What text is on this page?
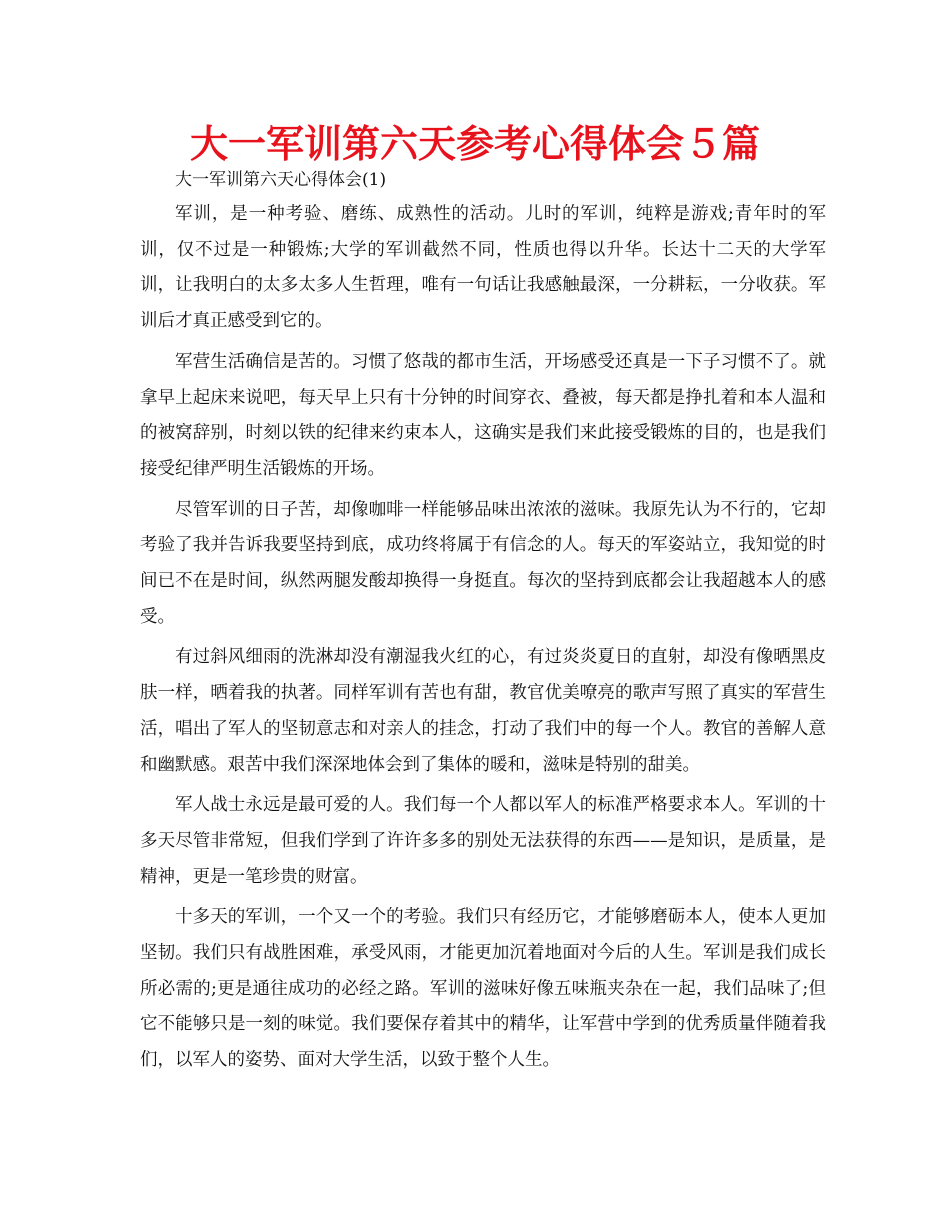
大一军训第六天参考心得体会５篇

大一军训第六天心得体会(1)

军训，是一种考验、磨练、成熟性的活动。儿时的军训，纯粹是游戏;青年时的军训，仅不过是一种锻炼;大学的军训截然不同，性质也得以升华。长达十二天的大学军训，让我明白的太多太多人生哲理，唯有一句话让我感触最深，一分耕耘，一分收获。军训后才真正感受到它的。

军营生活确信是苦的。习惯了悠哉的都市生活，开场感受还真是一下子习惯不了。就拿早上起床来说吧，每天早上只有十分钟的时间穿衣、叠被，每天都是挣扎着和本人温和的被窝辞别，时刻以铁的纪律来约束本人，这确实是我们来此接受锻炼的目的，也是我们接受纪律严明生活锻炼的开场。

尽管军训的日子苦，却像咖啡一样能够品味出浓浓的滋味。我原先认为不行的，它却考验了我并告诉我要坚持到底，成功终将属于有信念的人。每天的军姿站立，我知觉的时间已不在是时间，纵然两腿发酸却换得一身挺直。每次的坚持到底都会让我超越本人的感受。

有过斜风细雨的洗淋却没有潮湿我火红的心，有过炎炎夏日的直射，却没有像晒黑皮肤一样，晒着我的执著。同样军训有苦也有甜，教官优美嘹亮的歌声写照了真实的军营生活，唱出了军人的坚韧意志和对亲人的挂念，打动了我们中的每一个人。教官的善解人意和幽默感。艰苦中我们深深地体会到了集体的暖和，滋味是特别的甜美。

军人战士永远是最可爱的人。我们每一个人都以军人的标准严格要求本人。军训的十多天尽管非常短，但我们学到了许许多多的别处无法获得的东西——是知识，是质量，是精神，更是一笔珍贵的财富。

十多天的军训，一个又一个的考验。我们只有经历它，才能够磨砺本人，使本人更加坚韧。我们只有战胜困难，承受风雨，才能更加沉着地面对今后的人生。军训是我们成长所必需的;更是通往成功的必经之路。军训的滋味好像五味瓶夹杂在一起，我们品味了;但它不能够只是一刻的味觉。我们要保存着其中的精华，让军营中学到的优秀质量伴随着我们，以军人的姿势、面对大学生活，以致于整个人生。
